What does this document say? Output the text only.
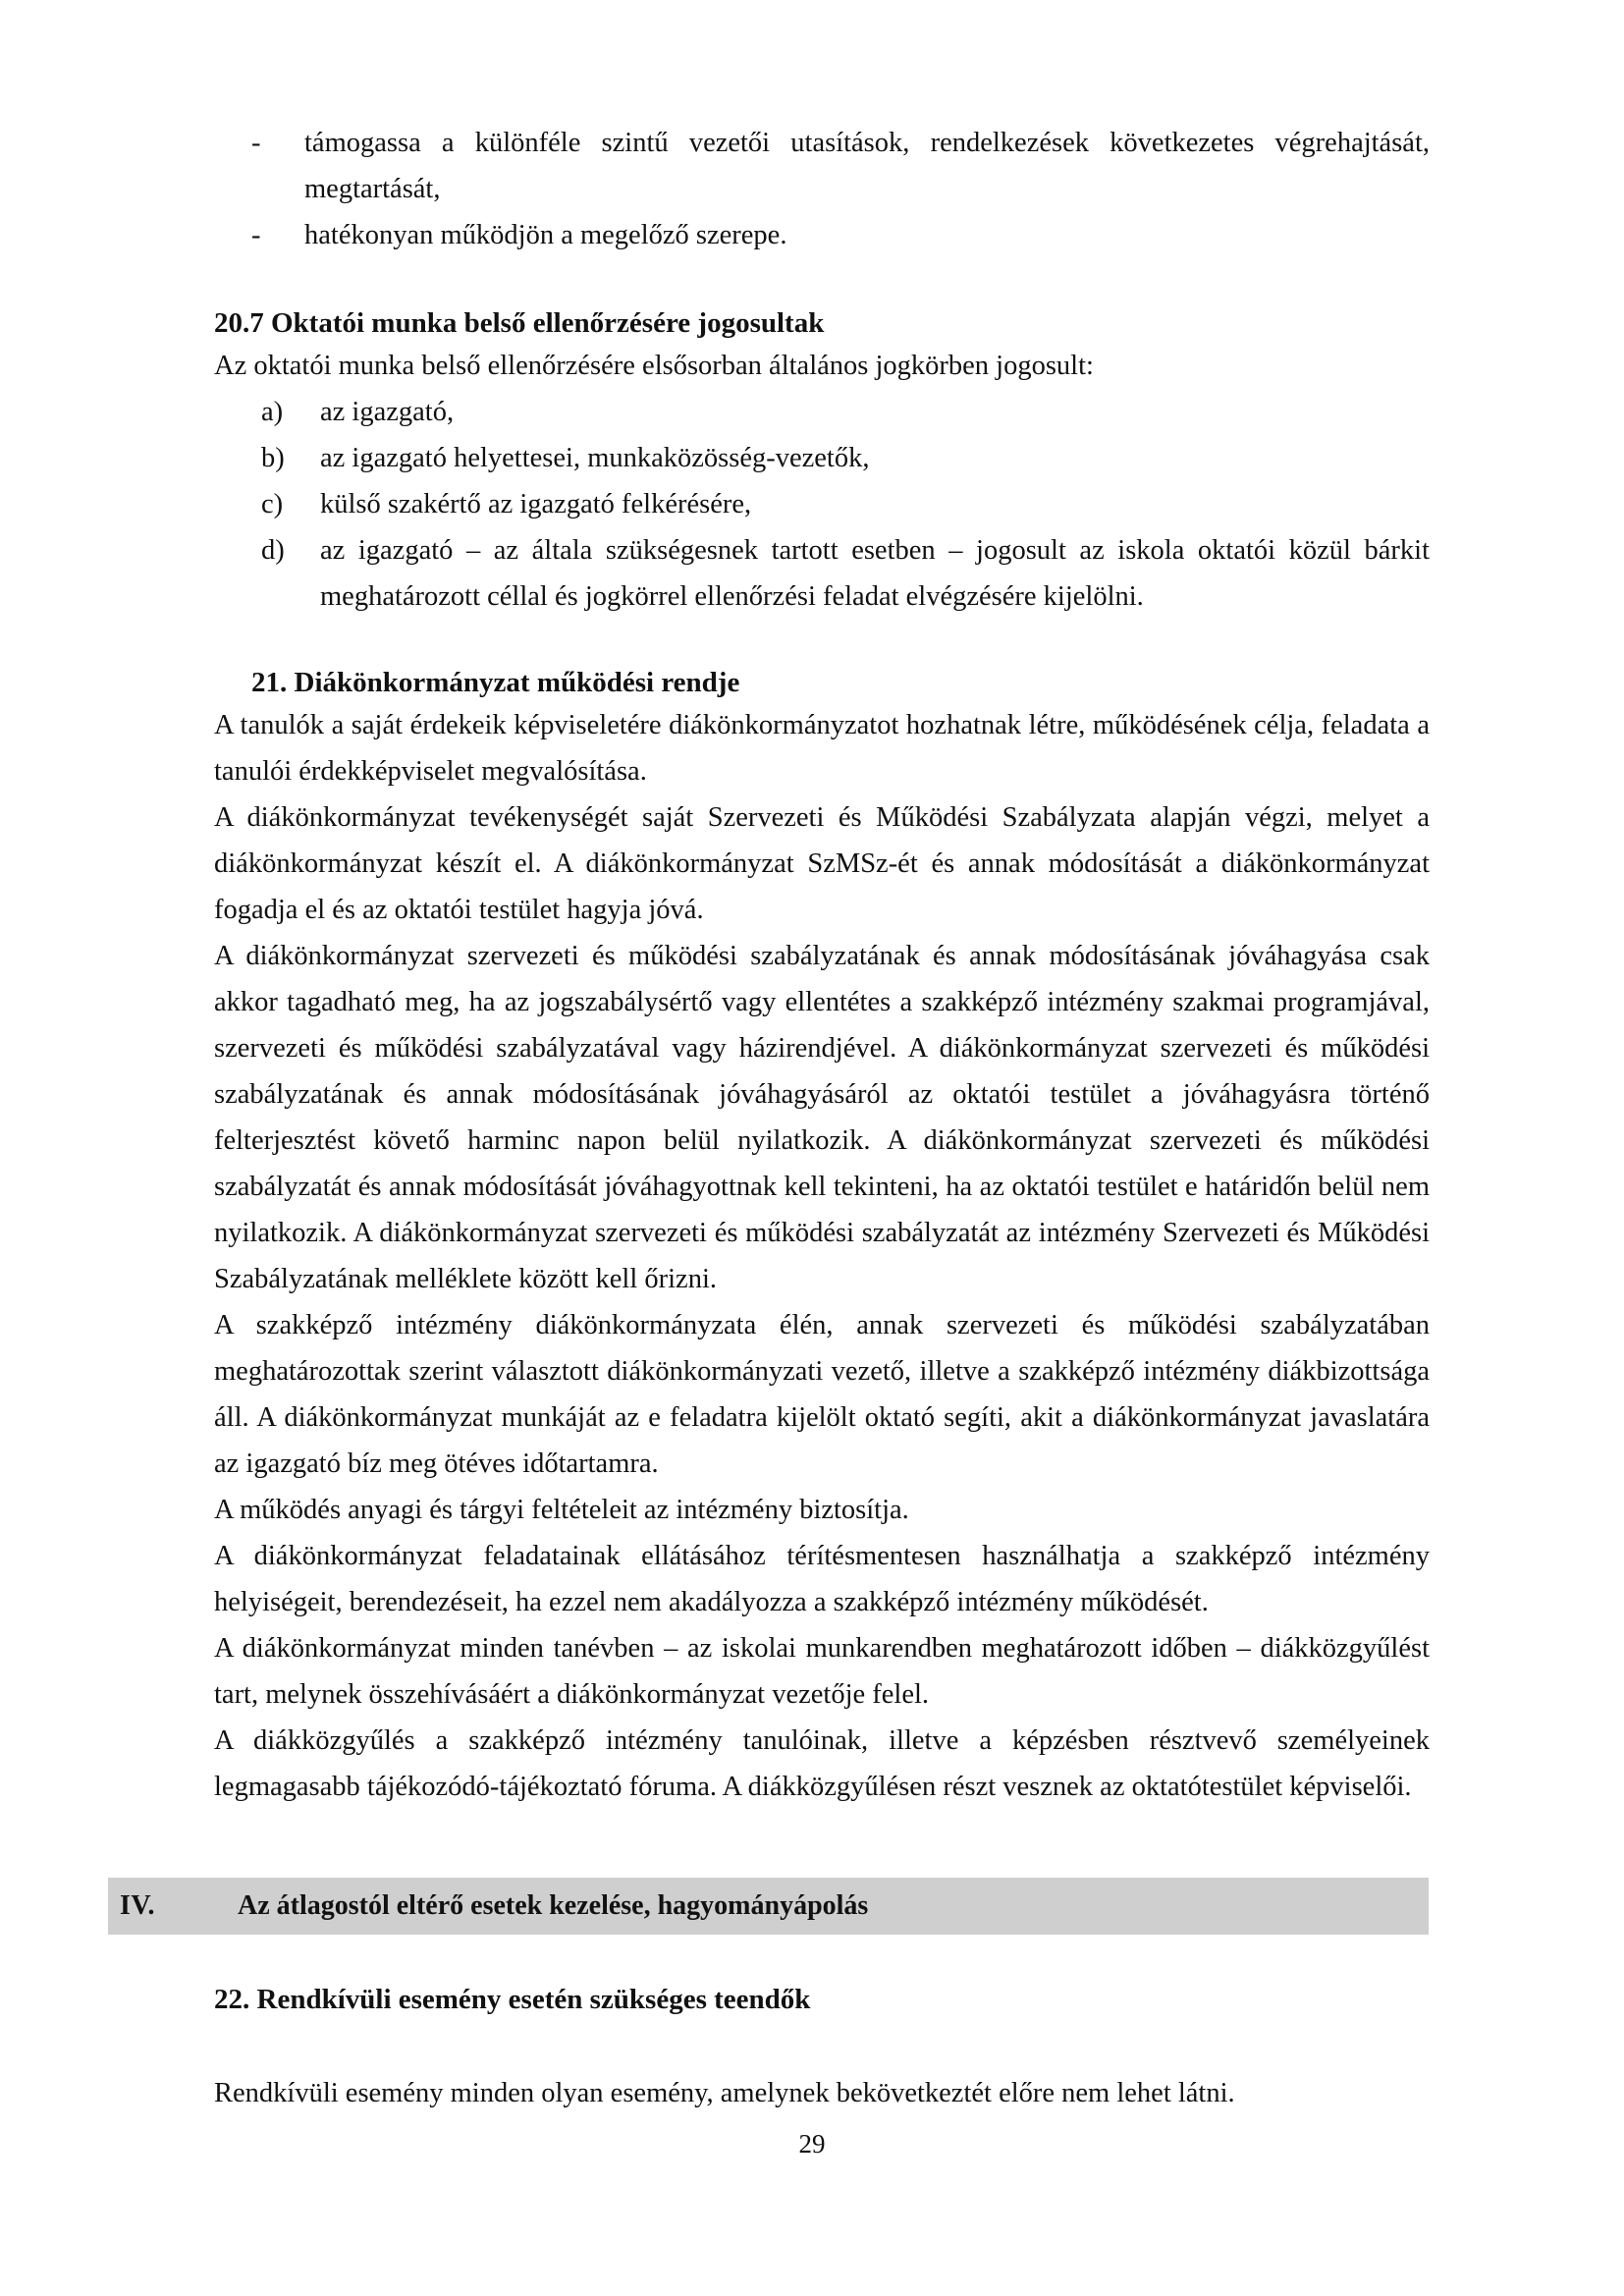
- támogassa a különféle szintű vezetői utasítások, rendelkezések következetes végrehajtását, megtartását,
- hatékonyan működjön a megelőző szerepe.
20.7 Oktatói munka belső ellenőrzésére jogosultak

Az oktatói munka belső ellenőrzésére elsősorban általános jogkörben jogosult:

a) az igazgató,
b) az igazgató helyettesei, munkaközösség-vezetők,
c) külső szakértő az igazgató felkérésére,
d) az igazgató – az általa szükségesnek tartott esetben – jogosult az iskola oktatói közül bárkit meghatározott céllal és jogkörrel ellenőrzési feladat elvégzésére kijelölni.
21. Diákönkormányzat működési rendje

A tanulók a saját érdekeik képviseletére diákönkormányzatot hozhatnak létre, működésének célja, feladata a tanulói érdekképviselet megvalósítása.

A diákönkormányzat tevékenységét saját Szervezeti és Működési Szabályzata alapján végzi, melyet a diákönkormányzat készít el. A diákönkormányzat SzMSz-ét és annak módosítását a diákönkormányzat fogadja el és az oktatói testület hagyja jóvá.

A diákönkormányzat szervezeti és működési szabályzatának és annak módosításának jóváhagyása csak akkor tagadható meg, ha az jogszabálysértő vagy ellentétes a szakképző intézmény szakmai programjával, szervezeti és működési szabályzatával vagy házirendjével. A diákönkormányzat szervezeti és működési szabályzatának és annak módosításának jóváhagyásáról az oktatói testület a jóváhagyásra történő felterjesztést követő harminc napon belül nyilatkozik. A diákönkormányzat szervezeti és működési szabályzatát és annak módosítását jóváhagyottnak kell tekinteni, ha az oktatói testület e határidőn belül nem nyilatkozik. A diákönkormányzat szervezeti és működési szabályzatát az intézmény Szervezeti és Működési Szabályzatának melléklete között kell őrizni.

A szakképző intézmény diákönkormányzata élén, annak szervezeti és működési szabályzatában meghatározottak szerint választott diákönkormányzati vezető, illetve a szakképző intézmény diákbizottsága áll. A diákönkormányzat munkáját az e feladatra kijelölt oktató segíti, akit a diákönkormányzat javaslatára az igazgató bíz meg ötéves időtartamra.

A működés anyagi és tárgyi feltételeit az intézmény biztosítja.

A diákönkormányzat feladatainak ellátásához térítésmentesen használhatja a szakképző intézmény helyiségeit, berendezéseit, ha ezzel nem akadályozza a szakképző intézmény működését.

A diákönkormányzat minden tanévben – az iskolai munkarendben meghatározott időben – diákközgyűlést tart, melynek összehívásáért a diákönkormányzat vezetője felel.

A diákközgyűlés a szakképző intézmény tanulóinak, illetve a képzésben résztvevő személyeinek legmagasabb tájékozódó-tájékoztató fóruma. A diákközgyűlésen részt vesznek az oktatótestület képviselői.

IV.	Az átlagostól eltérő esetek kezelése, hagyományápolás
22. Rendkívüli esemény esetén szükséges teendők

Rendkívüli esemény minden olyan esemény, amelynek bekövetkeztét előre nem lehet látni.

29
